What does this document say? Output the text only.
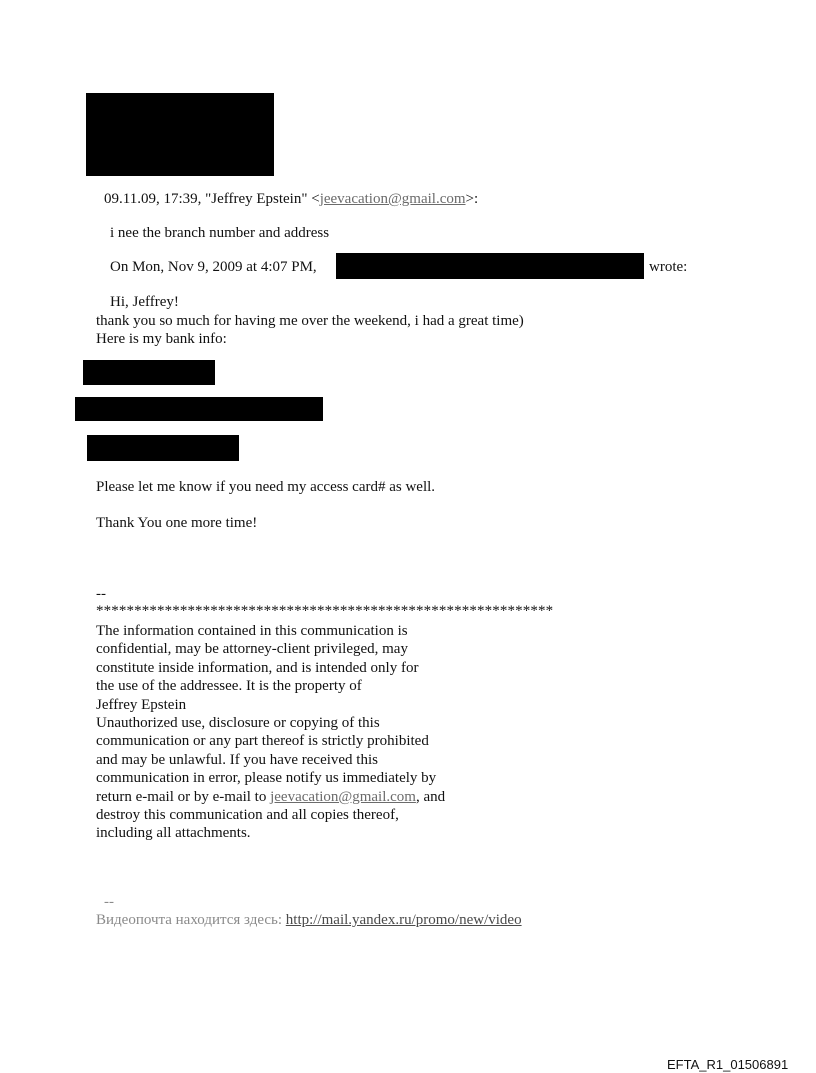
09.11.09, 17:39, "Jeffrey Epstein" <jeevacation@gmail.com>:
i nee the branch number and address
On Mon, Nov 9, 2009 at 4:07 PM,	wrote:
Hi, Jeffrey!
thank you so much for having me over the weekend, i had a great time)
Here is my bank info:
Please let me know if you need my access card# as well.
Thank You one more time!
--
************************************************************
The information contained in this communication is
confidential, may be attorney-client privileged, may
constitute inside information, and is intended only for
the use of the addressee. It is the property of
Jeffrey Epstein
Unauthorized use, disclosure or copying of this
communication or any part thereof is strictly prohibited
and may be unlawful. If you have received this
communication in error, please notify us immediately by
return e-mail or by e-mail to jeevacation@gmail.com, and
destroy this communication and all copies thereof,
including all attachments.
--
Видеопочта находится здесь: http://mail.yandex.ru/promo/new/video
EFTA_R1_01506891
